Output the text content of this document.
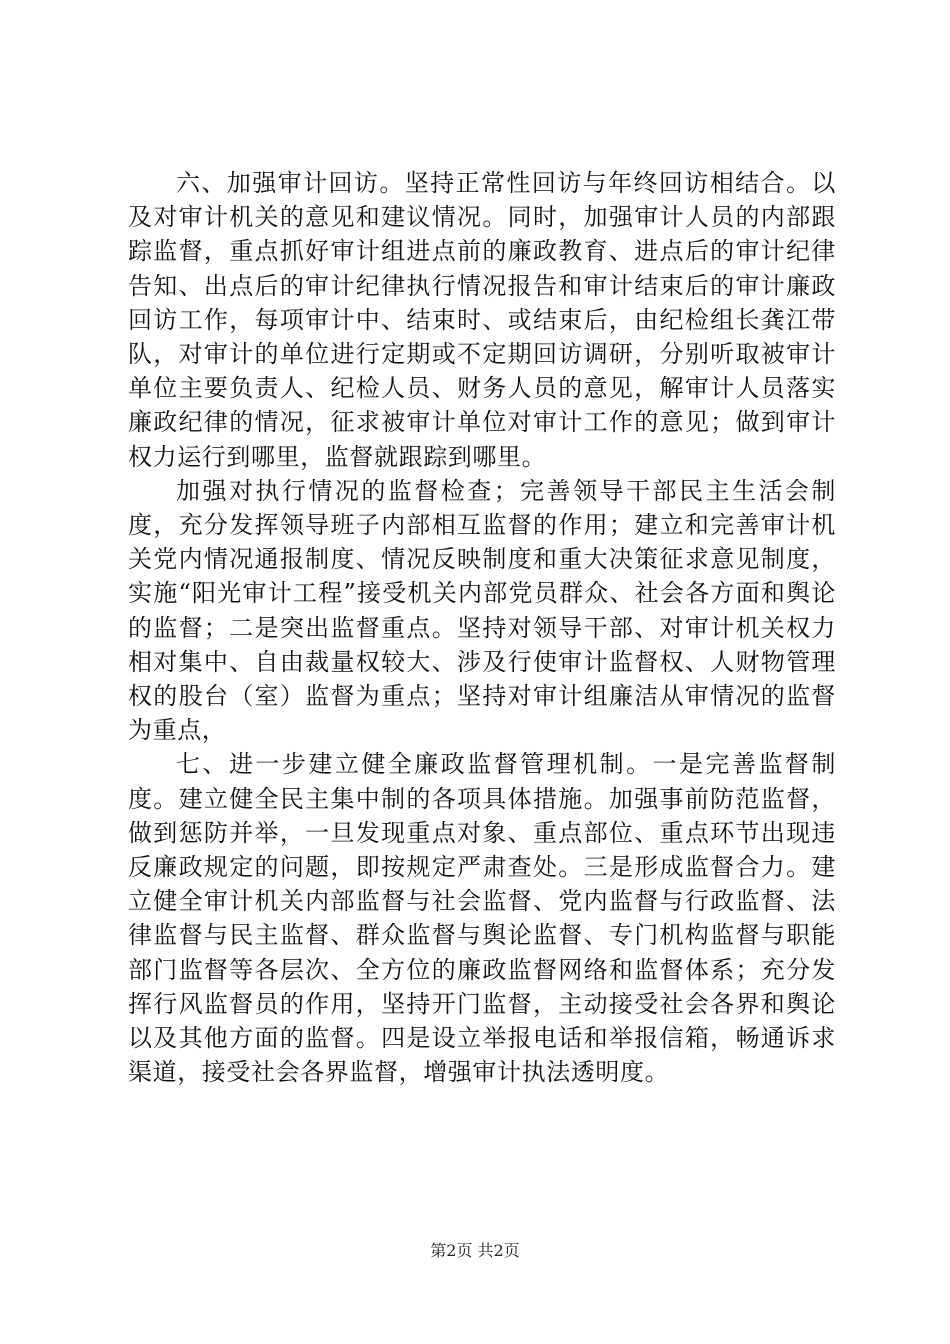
六、加强审计回访。坚持正常性回访与年终回访相结合。以及对审计机关的意见和建议情况。同时，加强审计人员的内部跟踪监督，重点抓好审计组进点前的廉政教育、进点后的审计纪律告知、出点后的审计纪律执行情况报告和审计结束后的审计廉政回访工作，每项审计中、结束时、或结束后，由纪检组长龚江带队，对审计的单位进行定期或不定期回访调研，分别听取被审计单位主要负责人、纪检人员、财务人员的意见，解审计人员落实廉政纪律的情况，征求被审计单位对审计工作的意见；做到审计权力运行到哪里，监督就跟踪到哪里。

加强对执行情况的监督检查；完善领导干部民主生活会制度，充分发挥领导班子内部相互监督的作用；建立和完善审计机关党内情况通报制度、情况反映制度和重大决策征求意见制度，实施“阳光审计工程”接受机关内部党员群众、社会各方面和舆论的监督；二是突出监督重点。坚持对领导干部、对审计机关权力相对集中、自由裁量权较大、涉及行使审计监督权、人财物管理权的股台（室）监督为重点；坚持对审计组廉洁从审情况的监督为重点，

七、进一步建立健全廉政监督管理机制。一是完善监督制度。建立健全民主集中制的各项具体措施。加强事前防范监督，做到惩防并举，一旦发现重点对象、重点部位、重点环节出现违反廉政规定的问题，即按规定严肃查处。三是形成监督合力。建立健全审计机关内部监督与社会监督、党内监督与行政监督、法律监督与民主监督、群众监督与舆论监督、专门机构监督与职能部门监督等各层次、全方位的廉政监督网络和监督体系；充分发挥行风监督员的作用，坚持开门监督，主动接受社会各界和舆论以及其他方面的监督。四是设立举报电话和举报信箱，畅通诉求渠道，接受社会各界监督，增强审计执法透明度。

第2页 共2页
